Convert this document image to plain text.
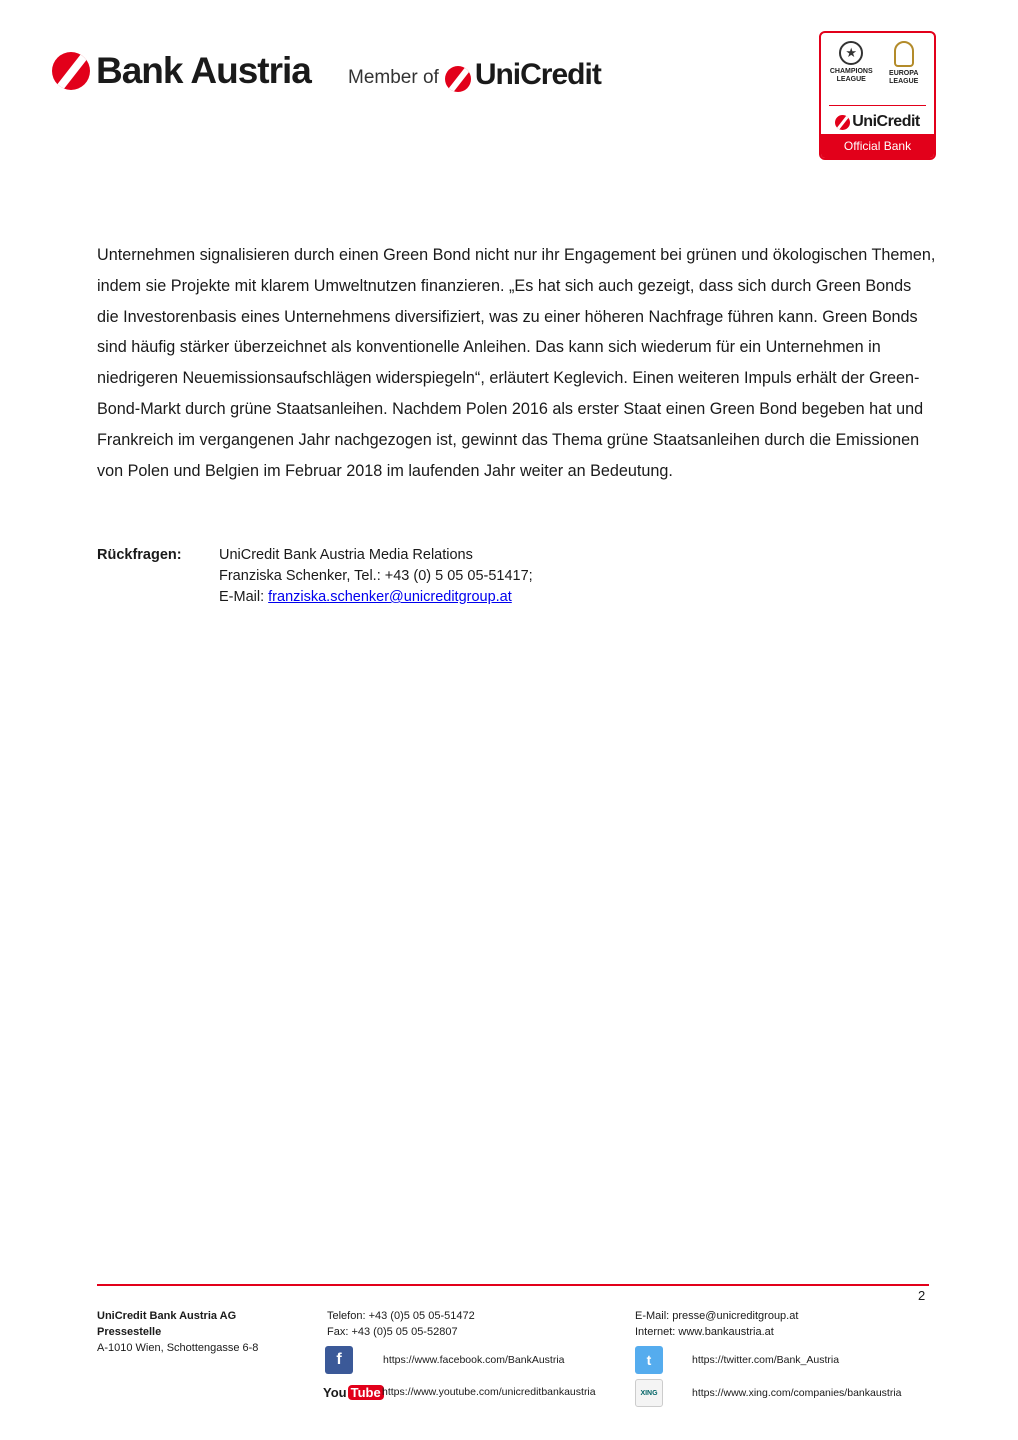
Bank Austria Member of UniCredit
★
CHAMPIONS LEAGUE
EUROPA LEAGUE
UniCredit
Official Bank
Unternehmen signalisieren durch einen Green Bond nicht nur ihr Engagement bei grünen und ökologischen Themen, indem sie Projekte mit klarem Umweltnutzen finanzieren. „Es hat sich auch gezeigt, dass sich durch Green Bonds die Investorenbasis eines Unternehmens diversifiziert, was zu einer höheren Nachfrage führen kann. Green Bonds sind häufig stärker überzeichnet als konventionelle Anleihen. Das kann sich wiederum für ein Unternehmen in niedrigeren Neuemissionsaufschlägen widerspiegeln“, erläutert Keglevich. Einen weiteren Impuls erhält der Green-Bond-Markt durch grüne Staatsanleihen. Nachdem Polen 2016 als erster Staat einen Green Bond begeben hat und Frankreich im vergangenen Jahr nachgezogen ist, gewinnt das Thema grüne Staatsanleihen durch die Emissionen von Polen und Belgien im Februar 2018 im laufenden Jahr weiter an Bedeutung.
Rückfragen:	UniCredit Bank Austria Media Relations
Franziska Schenker, Tel.: +43 (0) 5 05 05-51417;
E-Mail: franziska.schenker@unicreditgroup.at
2
UniCredit Bank Austria AG
Pressestelle
A-1010 Wien, Schottengasse 6-8
Telefon: +43 (0)5 05 05-51472
Fax: +43 (0)5 05 05-52807
E-Mail: presse@unicreditgroup.at
Internet: www.bankaustria.at
f	https://www.facebook.com/BankAustria
You Tube https://www.youtube.com/unicreditbankaustria
t	https://twitter.com/Bank_Austria
XING	https://www.xing.com/companies/bankaustria
